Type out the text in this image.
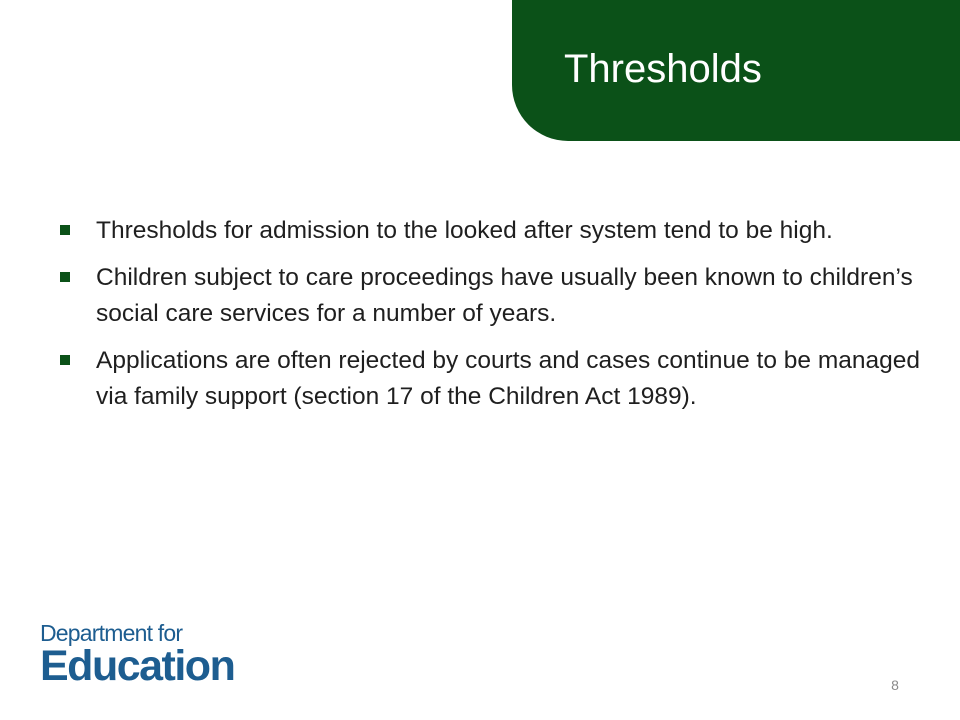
Thresholds
Thresholds for admission to the looked after system tend to be high.
Children subject to care proceedings have usually been known to children’s social care services for a number of years.
Applications are often rejected by courts and cases continue to be managed via family support (section 17 of the Children Act 1989).
Department for
Education	8
